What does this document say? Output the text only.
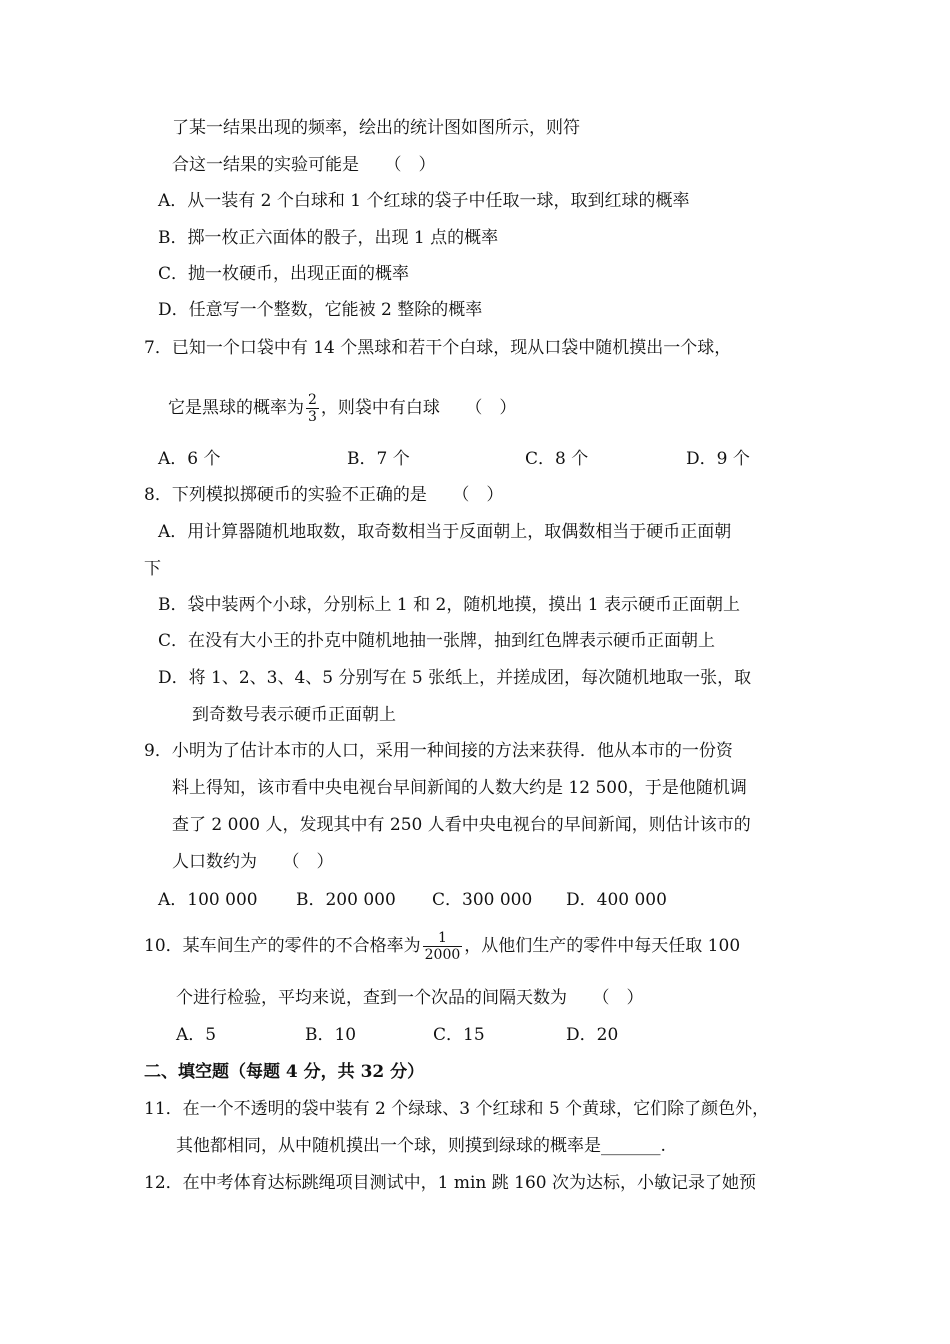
了某一结果出现的频率，绘出的统计图如图所示，则符
合这一结果的实验可能是　　（　）
A．从一装有 2 个白球和 1 个红球的袋子中任取一球，取到红球的概率
B．掷一枚正六面体的骰子，出现 1 点的概率
C．抛一枚硬币，出现正面的概率
D．任意写一个整数，它能被 2 整除的概率
7．已知一个口袋中有 14 个黑球和若干个白球，现从口袋中随机摸出一个球，
它是黑球的概率为 $\frac{2}{3}$ ，则袋中有白球　　（　）
A．6 个	B．7 个	C．8 个	D．9 个
8．下列模拟掷硬币的实验不正确的是　　（　）
A．用计算器随机地取数，取奇数相当于反面朝上，取偶数相当于硬币正面朝
下
B．袋中装两个小球，分别标上 1 和 2，随机地摸，摸出 1 表示硬币正面朝上
C．在没有大小王的扑克中随机地抽一张牌，抽到红色牌表示硬币正面朝上
D．将 1、2、3、4、5 分别写在 5 张纸上，并搓成团，每次随机地取一张，取
到奇数号表示硬币正面朝上
9．小明为了估计本市的人口，采用一种间接的方法来获得．他从本市的一份资
料上得知，该市看中央电视台早间新闻的人数大约是 12 500，于是他随机调
查了 2 000 人，发现其中有 250 人看中央电视台的早间新闻，则估计该市的
人口数约为　　（　）
A．100 000 B．200 000 C．300 000 D．400 000
10．某车间生产的零件的不合格率为 $\frac{1}{2000}$ ，从他们生产的零件中每天任取 100
个进行检验，平均来说，查到一个次品的间隔天数为　　（　）
A．5	B．10	C．15	D．20
二、填空题（每题 4 分，共 32 分）
11．在一个不透明的袋中装有 2 个绿球、3 个红球和 5 个黄球，它们除了颜色外，
其他都相同，从中随机摸出一个球，则摸到绿球的概率是_______.
12．在中考体育达标跳绳项目测试中，1 min 跳 160 次为达标，小敏记录了她预
